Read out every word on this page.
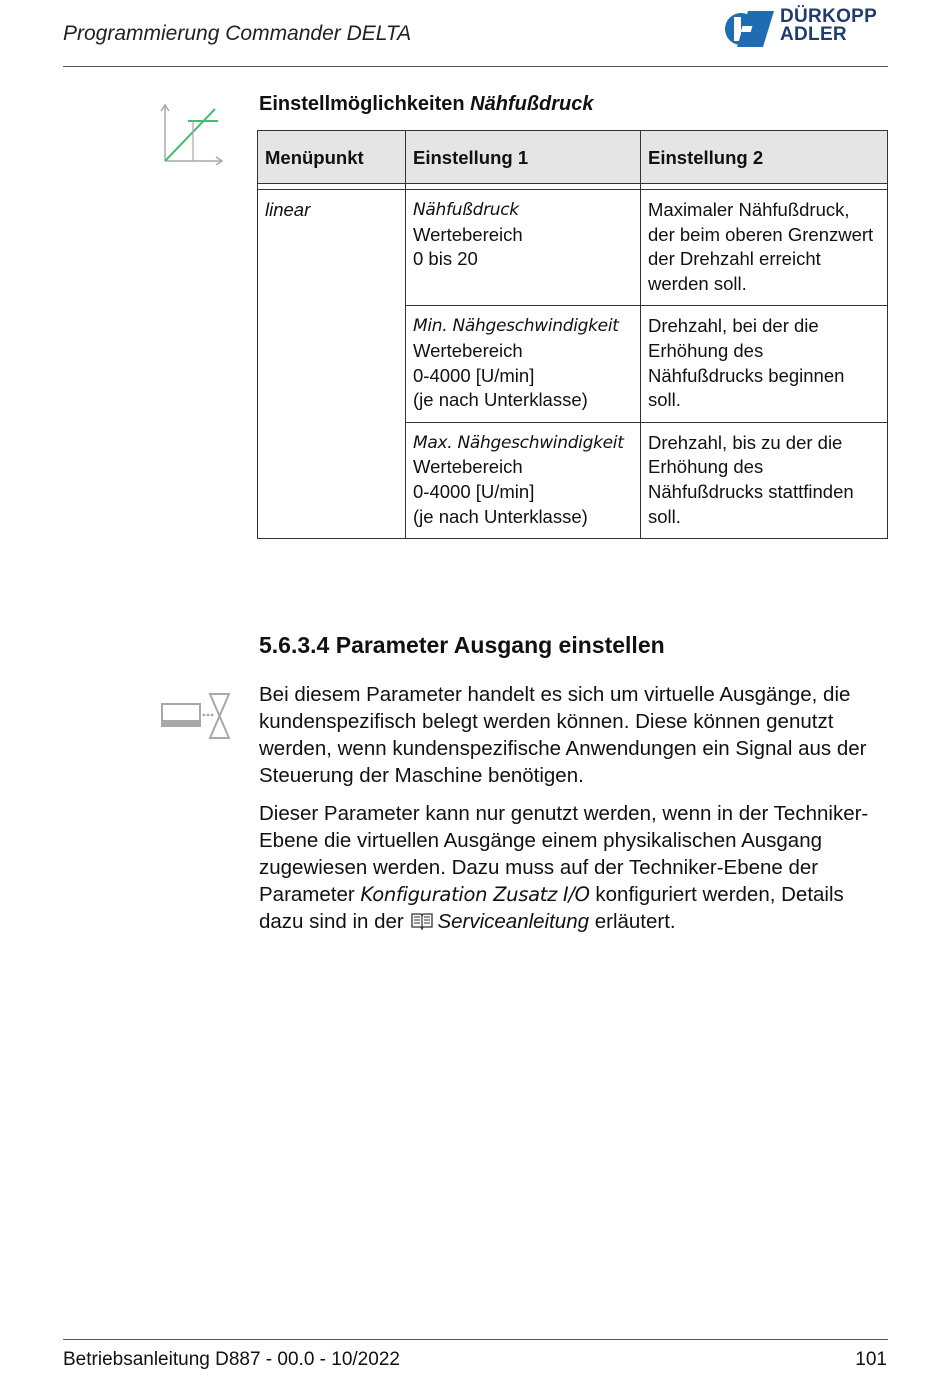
Programmierung Commander DELTA
DÜRKOPP
ADLER
Einstellmöglichkeiten Nähfußdruck
Menüpunkt	Einstellung 1	Einstellung 2

linear	Nähfußdruck
Wertebereich
0 bis 20	Maximaler Nähfußdruck, der beim oberen Grenzwert der Drehzahl erreicht werden soll.

	Min. Nähgeschwindigkeit
Wertebereich
0-4000 [U/min]
(je nach Unterklasse)	Drehzahl, bei der die Erhöhung des Nähfußdrucks beginnen soll.

	Max. Nähgeschwindigkeit
Wertebereich
0-4000 [U/min]
(je nach Unterklasse)	Drehzahl, bis zu der die Erhöhung des Nähfußdrucks stattfinden soll.
5.6.3.4 Parameter Ausgang einstellen
Bei diesem Parameter handelt es sich um virtuelle Ausgänge, die kundenspezifisch belegt werden können. Diese können genutzt werden, wenn kundenspezifische Anwendungen ein Signal aus der Steuerung der Maschine benötigen.
Dieser Parameter kann nur genutzt werden, wenn in der Techniker-Ebene die virtuellen Ausgänge einem physikalischen Ausgang zugewiesen werden. Dazu muss auf der Techniker-Ebene der Parameter Konfiguration Zusatz I/O konfiguriert werden, Details dazu sind in der Serviceanleitung erläutert.
Betriebsanleitung D887 - 00.0 - 10/2022	101
